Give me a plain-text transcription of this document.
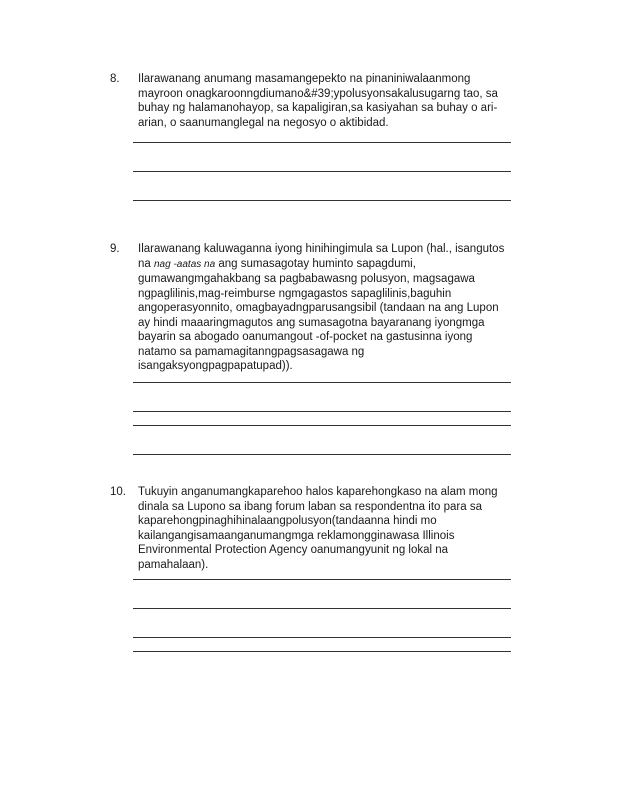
8. Ilarawanang anumang masamangepekto na pinaniniwalaanmong mayroon onagkaroonngdiumano&#39;ypolusyonsakalusugarng tao, sa buhay ng halamanohayop, sa kapaligiran,sa kasiyahan sa buhay o ari-arian, o saanumanglegal na negosyo o aktibidad.

9. Ilarawanang kaluwaganna iyong hinihingimula sa Lupon (hal., isangutos na nag -aatas na ang sumasagotay huminto sapagdumi, gumawangmgahakbang sa pagbabawasng polusyon, magsagawa ngpaglilinis,mag-reimburse ngmgagastos sapaglilinis,baguhin angoperasyonnito, omagbayadngparusangsibil (tandaan na ang Lupon ay hindi maaaringmagutos ang sumasagotna bayaranang iyongmga bayarin sa abogado oanumangout -of-pocket na gastusinna iyong natamo sa pamamagitanngpagsasagawa ng isangaksyongpagpapatupad)).

10. Tukuyin anganumangkaparehoo halos kaparehongkaso na alam mong dinala sa Lupono sa ibang forum laban sa respondentna ito para sa kaparehongpinaghihinalaangpolusyon(tandaanna hindi mo kailangangisamaanganumangmga reklamongginawasa Illinois Environmental Protection Agency oanumangyunit ng lokal na pamahalaan).
